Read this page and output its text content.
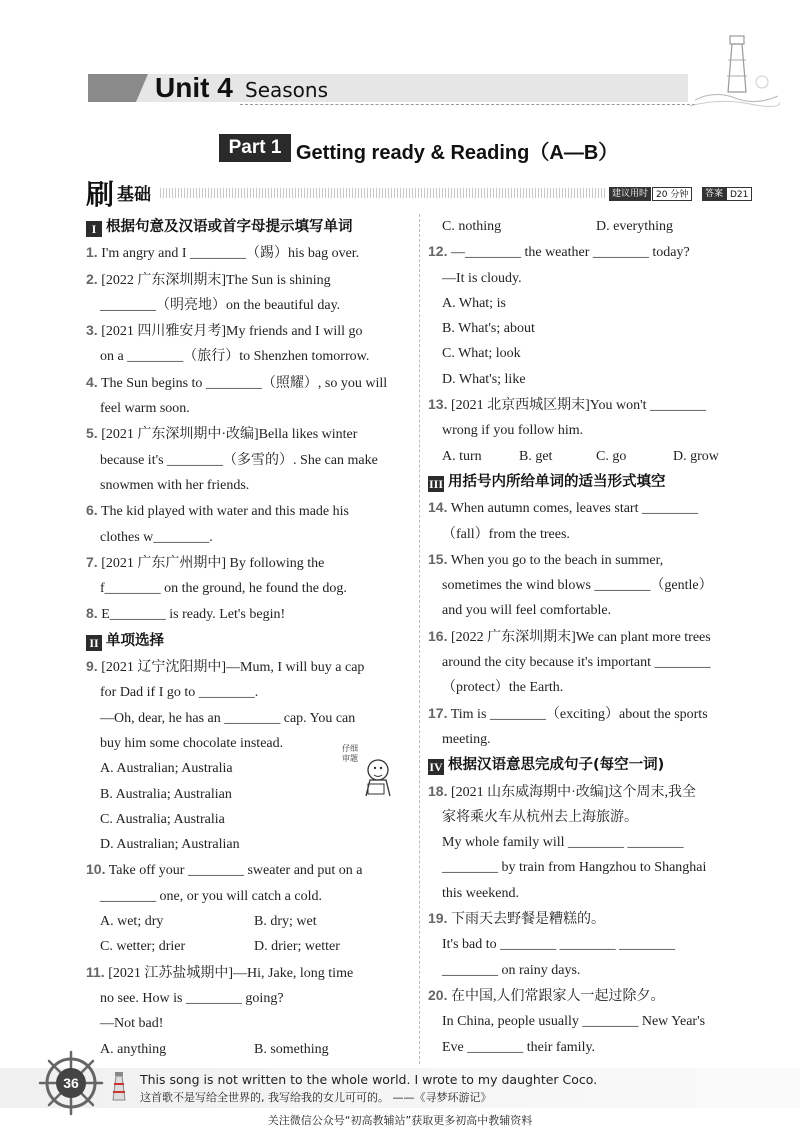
Unit 4 Seasons
Part 1 Getting ready & Reading（A—B）
刷 基础	建议用时 20 分钟	答案 D21

I 根据句意及汉语或首字母提示填写单词

1. I'm angry and I ________（踢）his bag over.

2. [2022 广东深圳期末]The Sun is shining

________（明亮地）on the beautiful day.

3. [2021 四川雅安月考]My friends and I will go

on a ________（旅行）to Shenzhen tomorrow.

4. The Sun begins to ________（照耀）, so you will

feel warm soon.

5. [2021 广东深圳期中·改编]Bella likes winter

because it's ________（多雪的）. She can make

snowmen with her friends.

6. The kid played with water and this made his

clothes w________.

7. [2021 广东广州期中] By following the

f________ on the ground, he found the dog.

8. E________ is ready. Let's begin!

II 单项选择

9. [2021 辽宁沈阳期中]—Mum, I will buy a cap

for Dad if I go to ________.

—Oh, dear, he has an ________ cap. You can

buy him some chocolate instead.

A. Australian; Australia

B. Australia; Australian

C. Australia; Australia

D. Australian; Australian

10. Take off your ________ sweater and put on a

________ one, or you will catch a cold.

A. wet; dry	B. dry; wet

C. wetter; drier	D. drier; wetter

11. [2021 江苏盐城期中]—Hi, Jake, long time

no see. How is ________ going?

—Not bad!

A. anything	B. something

C. nothing	D. everything

12. —________ the weather ________ today?

—It is cloudy.

A. What; is

B. What's; about

C. What; look

D. What's; like

13. [2021 北京西城区期末]You won't ________

wrong if you follow him.

A. turn	B. get	C. go	D. grow

III 用括号内所给单词的适当形式填空

14. When autumn comes, leaves start ________

（fall）from the trees.

15. When you go to the beach in summer,

sometimes the wind blows ________（gentle）

and you will feel comfortable.

16. [2022 广东深圳期末]We can plant more trees

around the city because it's important ________

（protect）the Earth.

17. Tim is ________（exciting）about the sports

meeting.

IV 根据汉语意思完成句子(每空一词)

18. [2021 山东威海期中·改编]这个周末,我全

家将乘火车从杭州去上海旅游。

My whole family will ________ ________

________ by train from Hangzhou to Shanghai

this weekend.

19. 下雨天去野餐是糟糕的。

It's bad to ________ ________ ________

________ on rainy days.

20. 在中国,人们常跟家人一起过除夕。

In China, people usually ________ New Year's

Eve ________ their family.

仔细审题
36	This song is not written to the whole world. I wrote to my daughter Coco.
这首歌不是写给全世界的, 我写给我的女儿可可的。 ——《寻梦环游记》
关注微信公众号“初高教辅站”获取更多初高中教辅资料
